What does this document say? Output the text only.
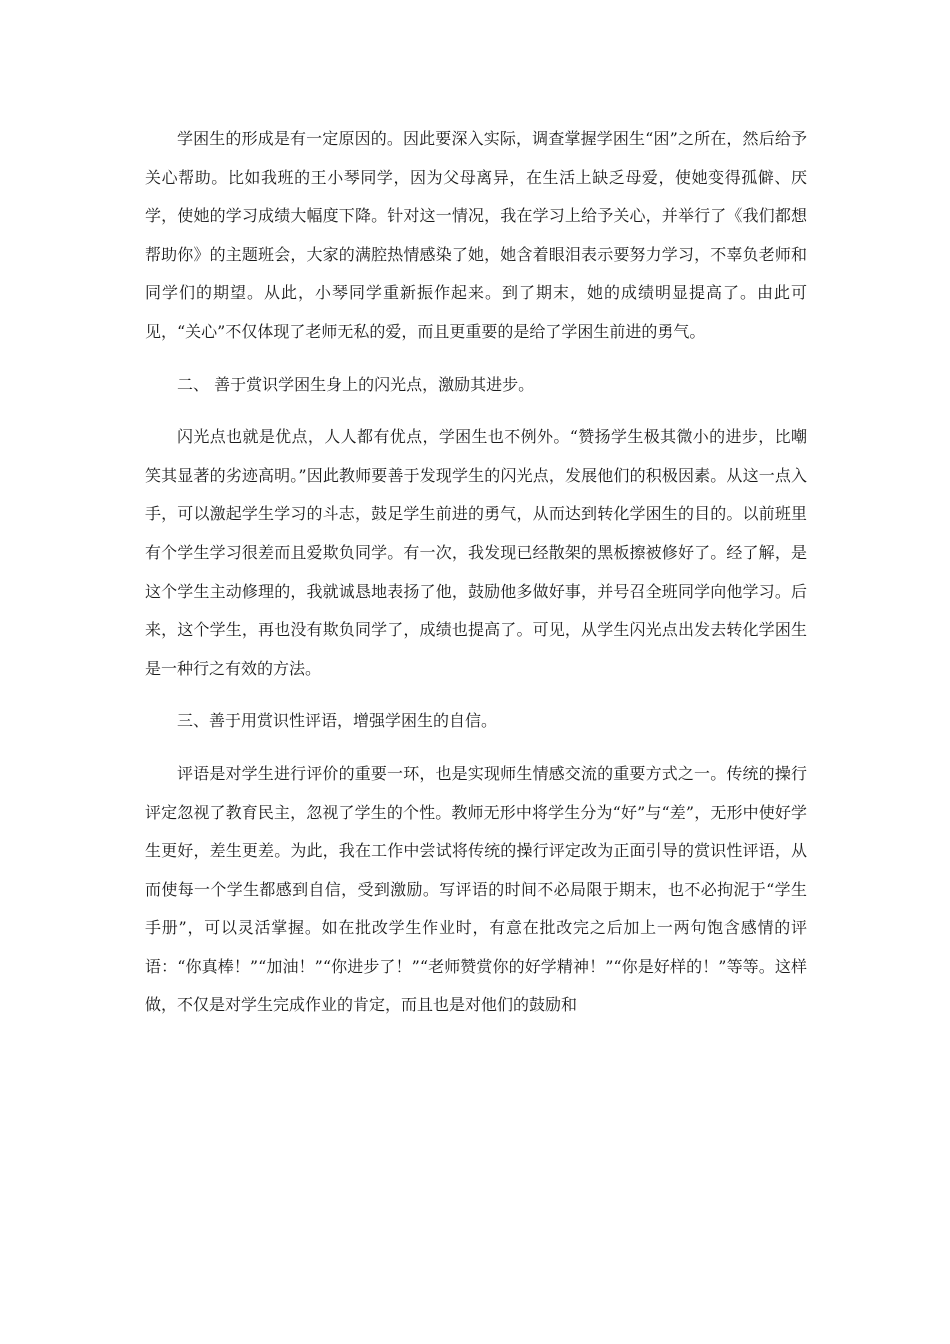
学困生的形成是有一定原因的。因此要深入实际，调查掌握学困生“困”之所在，然后给予关心帮助。比如我班的王小琴同学，因为父母离异，在生活上缺乏母爱，使她变得孤僻、厌学，使她的学习成绩大幅度下降。针对这一情况，我在学习上给予关心，并举行了《我们都想帮助你》的主题班会，大家的满腔热情感染了她，她含着眼泪表示要努力学习，不辜负老师和同学们的期望。从此，小琴同学重新振作起来。到了期末，她的成绩明显提高了。由此可见，“关心”不仅体现了老师无私的爱，而且更重要的是给了学困生前进的勇气。

二、 善于赏识学困生身上的闪光点，激励其进步。

闪光点也就是优点，人人都有优点，学困生也不例外。“赞扬学生极其微小的进步，比嘲笑其显著的劣迹高明。”因此教师要善于发现学生的闪光点，发展他们的积极因素。从这一点入手，可以激起学生学习的斗志，鼓足学生前进的勇气，从而达到转化学困生的目的。以前班里有个学生学习很差而且爱欺负同学。有一次，我发现已经散架的黑板擦被修好了。经了解，是这个学生主动修理的，我就诚恳地表扬了他，鼓励他多做好事，并号召全班同学向他学习。后来，这个学生，再也没有欺负同学了，成绩也提高了。可见，从学生闪光点出发去转化学困生是一种行之有效的方法。

三、善于用赏识性评语，增强学困生的自信。

评语是对学生进行评价的重要一环，也是实现师生情感交流的重要方式之一。传统的操行评定忽视了教育民主，忽视了学生的个性。教师无形中将学生分为“好”与“差”，无形中使好学生更好，差生更差。为此，我在工作中尝试将传统的操行评定改为正面引导的赏识性评语，从而使每一个学生都感到自信，受到激励。写评语的时间不必局限于期末，也不必拘泥于“学生手册”，可以灵活掌握。如在批改学生作业时，有意在批改完之后加上一两句饱含感情的评语：“你真棒！”“加油！”“你进步了！”“老师赞赏你的好学精神！”“你是好样的！”等等。这样做，不仅是对学生完成作业的肯定，而且也是对他们的鼓励和
